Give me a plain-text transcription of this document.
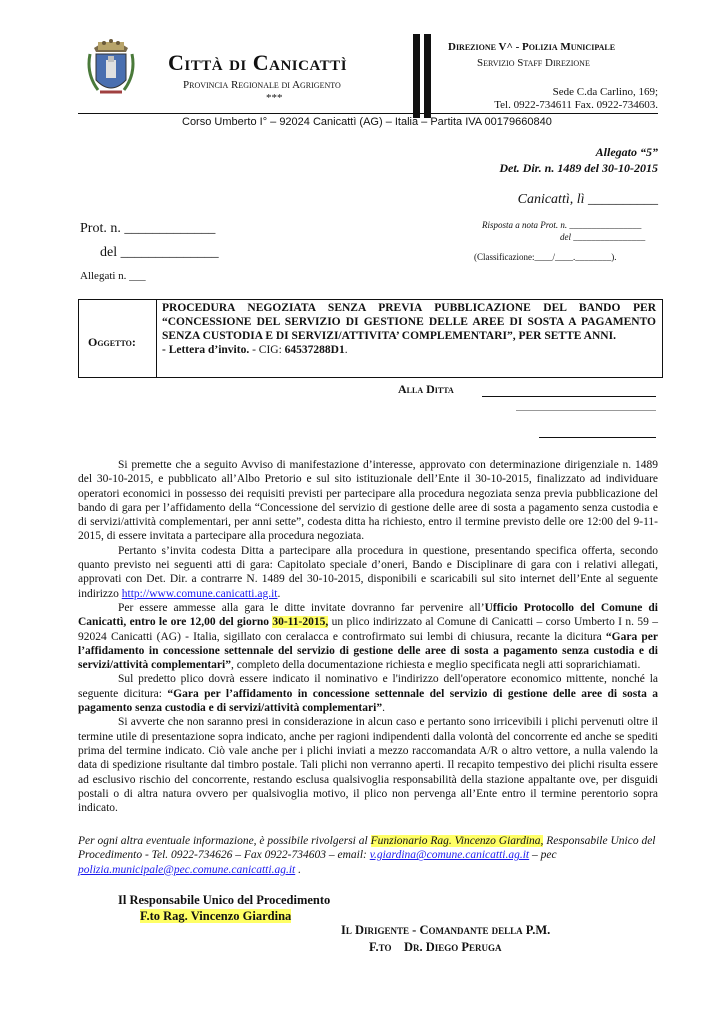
Città di Canicattì
Provincia Regionale di Agrigento
***
Direzione V^ - Polizia Municipale
Servizio Staff Direzione
Sede C.da Carlino, 169;
Tel. 0922-734611 Fax. 0922-734603.
Corso Umberto I° – 92024 Canicattì (AG) – Italia – Partita IVA 00179660840
Allegato “5”
Det. Dir. n. 1489 del 30-10-2015
Canicattì, lì __________
Prot. n. _____________
del ______________
Allegati n. ___
Risposta a nota Prot. n. ________________
del ________________
(Classificazione:____/____.________).
Oggetto:
PROCEDURA NEGOZIATA SENZA PREVIA PUBBLICAZIONE DEL BANDO PER “CONCESSIONE DEL SERVIZIO DI GESTIONE DELLE AREE DI SOSTA A PAGAMENTO SENZA CUSTODIA E DI SERVIZI/ATTIVITA’ COMPLEMENTARI”, PER SETTE ANNI.
- Lettera d’invito. - CIG: 64537288D1.
Alla Ditta

Si premette che a seguito Avviso di manifestazione d’interesse, approvato con determinazione dirigenziale n. 1489 del 30-10-2015, e pubblicato all’Albo Pretorio e sul sito istituzionale dell’Ente il 30-10-2015, finalizzato ad individuare operatori economici in possesso dei requisiti previsti per partecipare alla procedura negoziata senza previa pubblicazione del bando di gara per l’affidamento della “Concessione del servizio di gestione delle aree di sosta a pagamento senza custodia e di servizi/attività complementari, per anni sette”, codesta ditta ha richiesto, entro il termine previsto delle ore 12:00 del 9-11-2015, di essere invitata a partecipare alla procedura negoziata.

Pertanto s’invita codesta Ditta a partecipare alla procedura in questione, presentando specifica offerta, secondo quanto previsto nei seguenti atti di gara: Capitolato speciale d’oneri, Bando e Disciplinare di gara con i relativi allegati, approvati con Det. Dir. a contrarre N. 1489 del 30-10-2015, disponibili e scaricabili sul sito internet dell’Ente al seguente indirizzo http://www.comune.canicatti.ag.it.

Per essere ammesse alla gara le ditte invitate dovranno far pervenire all’Ufficio Protocollo del Comune di Canicattì, entro le ore 12,00 del giorno 30-11-2015, un plico indirizzato al Comune di Canicatti – corso Umberto I n. 59 – 92024 Canicatti (AG) - Italia, sigillato con ceralacca e controfirmato sui lembi di chiusura, recante la dicitura “Gara per l’affidamento in concessione settennale del servizio di gestione delle aree di sosta a pagamento senza custodia e di servizi/attività complementari”, completo della documentazione richiesta e meglio specificata negli atti soprarichiamati.

Sul predetto plico dovrà essere indicato il nominativo e l'indirizzo dell'operatore economico mittente, nonché la seguente dicitura: “Gara per l’affidamento in concessione settennale del servizio di gestione delle aree di sosta a pagamento senza custodia e di servizi/attività complementari”.

Si avverte che non saranno presi in considerazione in alcun caso e pertanto sono irricevibili i plichi pervenuti oltre il termine utile di presentazione sopra indicato, anche per ragioni indipendenti dalla volontà del concorrente ed anche se spediti prima del termine indicato. Ciò vale anche per i plichi inviati a mezzo raccomandata A/R o altro vettore, a nulla valendo la data di spedizione risultante dal timbro postale. Tali plichi non verranno aperti. Il recapito tempestivo dei plichi risulta essere ad esclusivo rischio del concorrente, restando esclusa qualsivoglia responsabilità della stazione appaltante ove, per disguidi postali o di altra natura ovvero per qualsivoglia motivo, il plico non pervenga all’Ente entro il termine perentorio sopra indicato.

Per ogni altra eventuale informazione, è possibile rivolgersi al Funzionario Rag. Vincenzo Giardina, Responsabile Unico del Procedimento - Tel. 0922-734626 – Fax 0922-734603 – email: v.giardina@comune.canicatti.ag.it – pec polizia.municipale@pec.comune.canicatti.ag.it .
Il Responsabile Unico del Procedimento
F.to Rag. Vincenzo Giardina
Il Dirigente - Comandante della P.M.
F.to    Dr. Diego Peruga
